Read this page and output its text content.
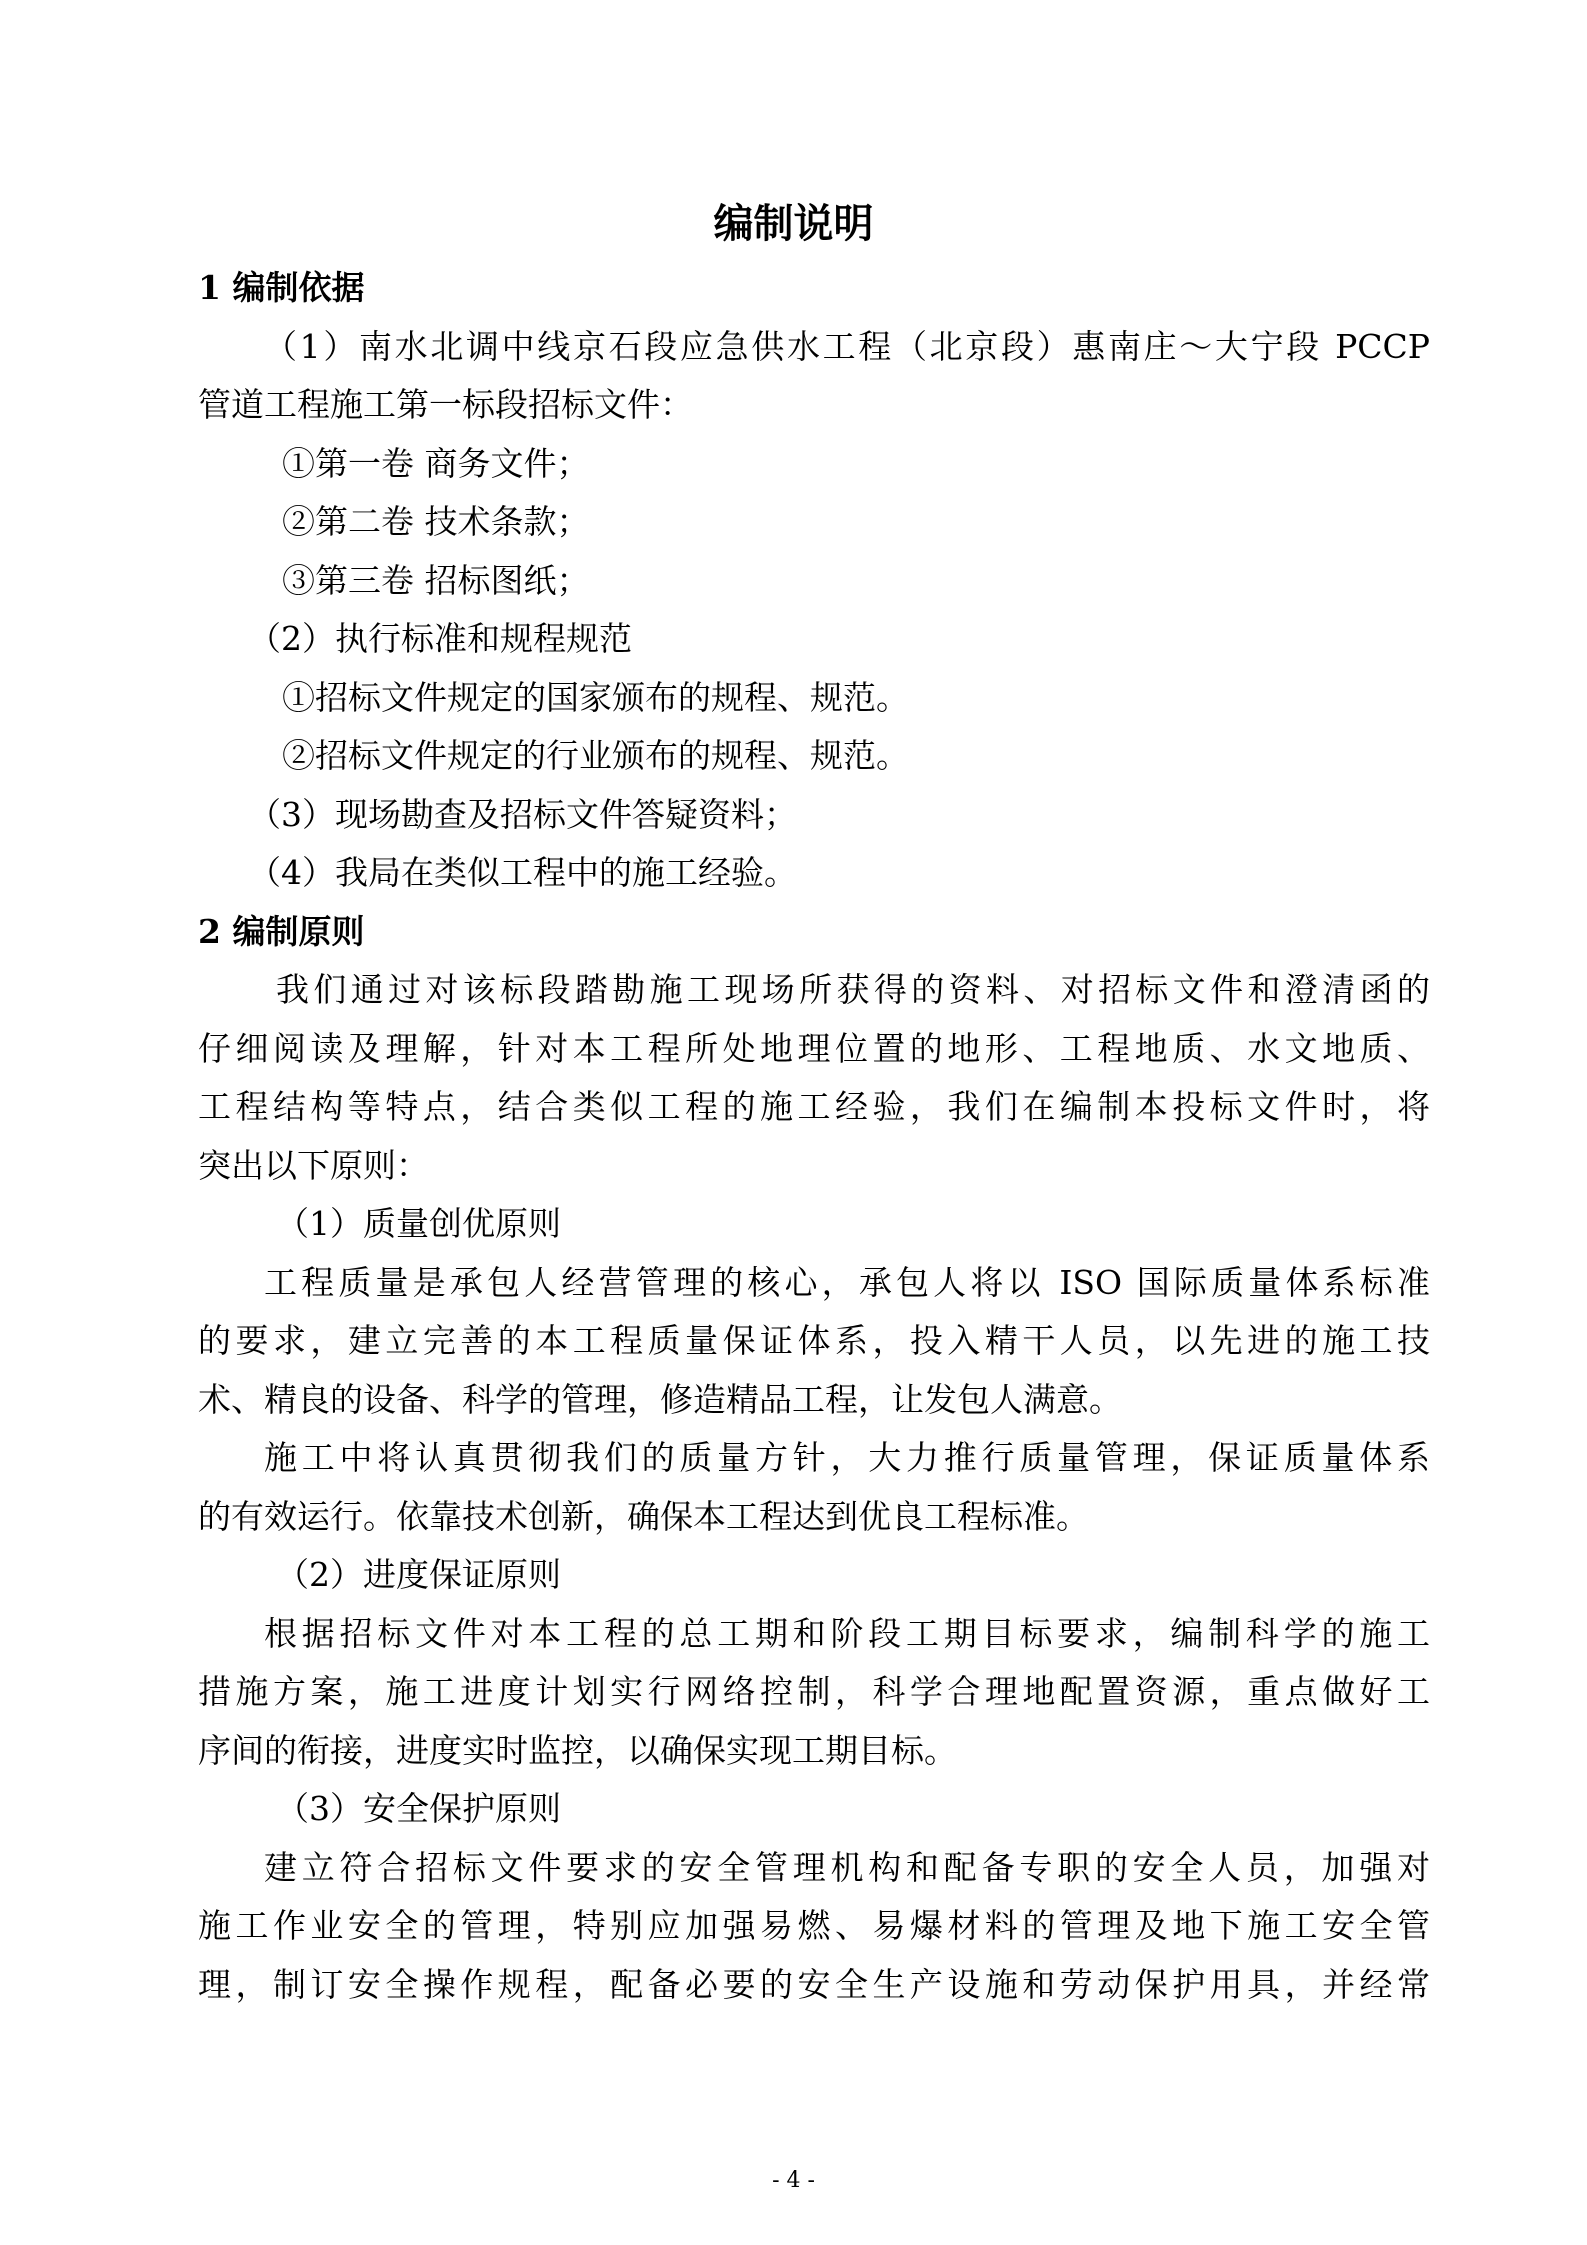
编制说明
1 编制依据
（1）南水北调中线京石段应急供水工程（北京段）惠南庄～大宁段 PCCP
管道工程施工第一标段招标文件：
①第一卷 商务文件；
②第二卷 技术条款；
③第三卷 招标图纸；
（2）执行标准和规程规范
①招标文件规定的国家颁布的规程、规范。
②招标文件规定的行业颁布的规程、规范。
（3）现场勘查及招标文件答疑资料；
（4）我局在类似工程中的施工经验。
2 编制原则
我们通过对该标段踏勘施工现场所获得的资料、对招标文件和澄清函的
仔细阅读及理解，针对本工程所处地理位置的地形、工程地质、水文地质、
工程结构等特点，结合类似工程的施工经验，我们在编制本投标文件时，将
突出以下原则：
（1）质量创优原则
工程质量是承包人经营管理的核心，承包人将以 ISO 国际质量体系标准
的要求，建立完善的本工程质量保证体系，投入精干人员，以先进的施工技
术、精良的设备、科学的管理，修造精品工程，让发包人满意。
施工中将认真贯彻我们的质量方针，大力推行质量管理，保证质量体系
的有效运行。依靠技术创新，确保本工程达到优良工程标准。
（2）进度保证原则
根据招标文件对本工程的总工期和阶段工期目标要求，编制科学的施工
措施方案，施工进度计划实行网络控制，科学合理地配置资源，重点做好工
序间的衔接，进度实时监控，以确保实现工期目标。
（3）安全保护原则
建立符合招标文件要求的安全管理机构和配备专职的安全人员，加强对
施工作业安全的管理，特别应加强易燃、易爆材料的管理及地下施工安全管
理，制订安全操作规程，配备必要的安全生产设施和劳动保护用具，并经常
- 4 -
